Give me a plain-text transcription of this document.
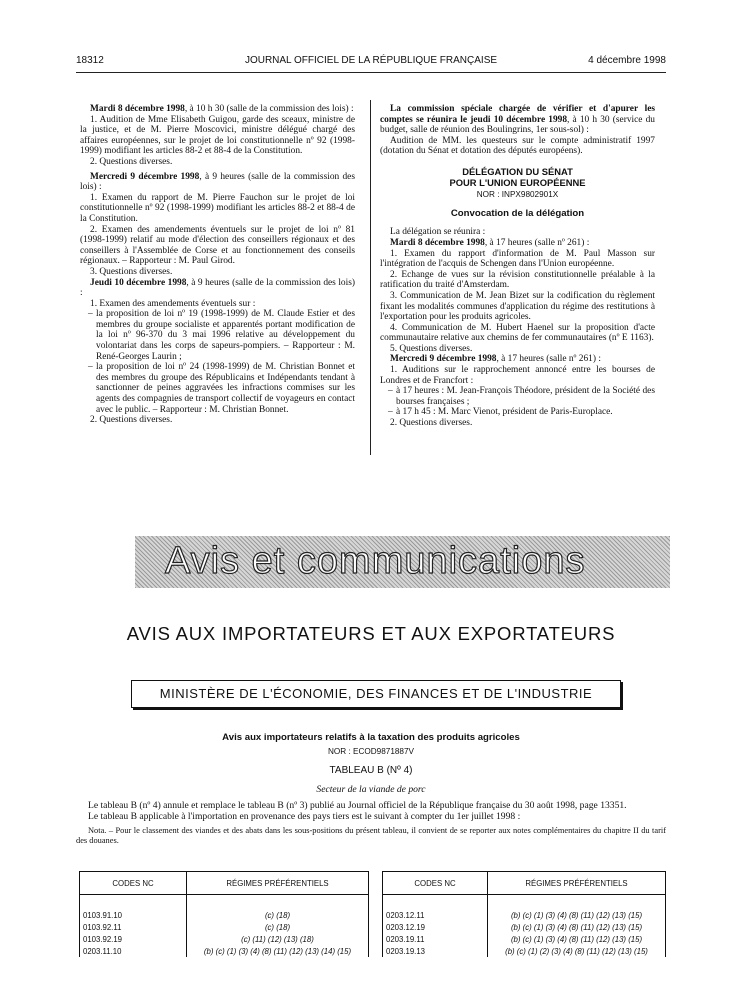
18312	JOURNAL OFFICIEL DE LA RÉPUBLIQUE FRANÇAISE	4 décembre 1998

Mardi 8 décembre 1998, à 10 h 30 (salle de la commission des lois) :

1. Audition de Mme Elisabeth Guigou, garde des sceaux, ministre de la justice, et de M. Pierre Moscovici, ministre délégué chargé des affaires européennes, sur le projet de loi constitutionnelle nº 92 (1998-1999) modifiant les articles 88-2 et 88-4 de la Constitution.

2. Questions diverses.

Mercredi 9 décembre 1998, à 9 heures (salle de la commission des lois) :

1. Examen du rapport de M. Pierre Fauchon sur le projet de loi constitutionnelle nº 92 (1998-1999) modifiant les articles 88-2 et 88-4 de la Constitution.

2. Examen des amendements éventuels sur le projet de loi nº 81 (1998-1999) relatif au mode d'élection des conseillers régionaux et des conseillers à l'Assemblée de Corse et au fonctionnement des conseils régionaux. – Rapporteur : M. Paul Girod.

3. Questions diverses.

Jeudi 10 décembre 1998, à 9 heures (salle de la commission des lois) :

1. Examen des amendements éventuels sur :

– la proposition de loi nº 19 (1998-1999) de M. Claude Estier et des membres du groupe socialiste et apparentés portant modification de la loi nº 96-370 du 3 mai 1996 relative au développement du volontariat dans les corps de sapeurs-pompiers. – Rapporteur : M. René-Georges Laurin ;

– la proposition de loi nº 24 (1998-1999) de M. Christian Bonnet et des membres du groupe des Républicains et Indépendants tendant à sanctionner de peines aggravées les infractions commises sur les agents des compagnies de transport collectif de voyageurs en contact avec le public. – Rapporteur : M. Christian Bonnet.

2. Questions diverses.

La commission spéciale chargée de vérifier et d'apurer les comptes se réunira le jeudi 10 décembre 1998, à 10 h 30 (service du budget, salle de réunion des Boulingrins, 1er sous-sol) :

Audition de MM. les questeurs sur le compte administratif 1997 (dotation du Sénat et dotation des députés européens).

DÉLÉGATION DU SÉNAT
POUR L'UNION EUROPÉENNE
NOR : INPX9802901X
Convocation de la délégation

La délégation se réunira :

Mardi 8 décembre 1998, à 17 heures (salle nº 261) :

1. Examen du rapport d'information de M. Paul Masson sur l'intégration de l'acquis de Schengen dans l'Union européenne.

2. Echange de vues sur la révision constitutionnelle préalable à la ratification du traité d'Amsterdam.

3. Communication de M. Jean Bizet sur la codification du règlement fixant les modalités communes d'application du régime des restitutions à l'exportation pour les produits agricoles.

4. Communication de M. Hubert Haenel sur la proposition d'acte communautaire relative aux chemins de fer communautaires (nº E 1163).

5. Questions diverses.

Mercredi 9 décembre 1998, à 17 heures (salle nº 261) :

1. Auditions sur le rapprochement annoncé entre les bourses de Londres et de Francfort :

– à 17 heures : M. Jean-François Théodore, président de la Société des bourses françaises ;

– à 17 h 45 : M. Marc Vienot, président de Paris-Europlace.

2. Questions diverses.

Avis et communications
AVIS AUX IMPORTATEURS ET AUX EXPORTATEURS
MINISTÈRE DE L'ÉCONOMIE, DES FINANCES ET DE L'INDUSTRIE
Avis aux importateurs relatifs à la taxation des produits agricoles
NOR : ECOD9871887V
TABLEAU B (Nº 4)
Secteur de la viande de porc

Le tableau B (nº 4) annule et remplace le tableau B (nº 3) publié au Journal officiel de la République française du 30 août 1998, page 13351.

Le tableau B applicable à l'importation en provenance des pays tiers est le suivant à compter du 1er juillet 1998 :

Nota. – Pour le classement des viandes et des abats dans les sous-positions du présent tableau, il convient de se reporter aux notes complémentaires du chapitre II du tarif des douanes.

CODES NC	RÉGIMES PRÉFÉRENTIELS
0103.91.10	(c) (18)
0103.92.11	(c) (18)
0103.92.19	(c) (11) (12) (13) (18)
0203.11.10	(b) (c) (1) (3) (4) (8) (11) (12) (13) (14) (15)
CODES NC	RÉGIMES PRÉFÉRENTIELS
0203.12.11	(b) (c) (1) (3) (4) (8) (11) (12) (13) (15)
0203.12.19	(b) (c) (1) (3) (4) (8) (11) (12) (13) (15)
0203.19.11	(b) (c) (1) (3) (4) (8) (11) (12) (13) (15)
0203.19.13	(b) (c) (1) (2) (3) (4) (8) (11) (12) (13) (15)
